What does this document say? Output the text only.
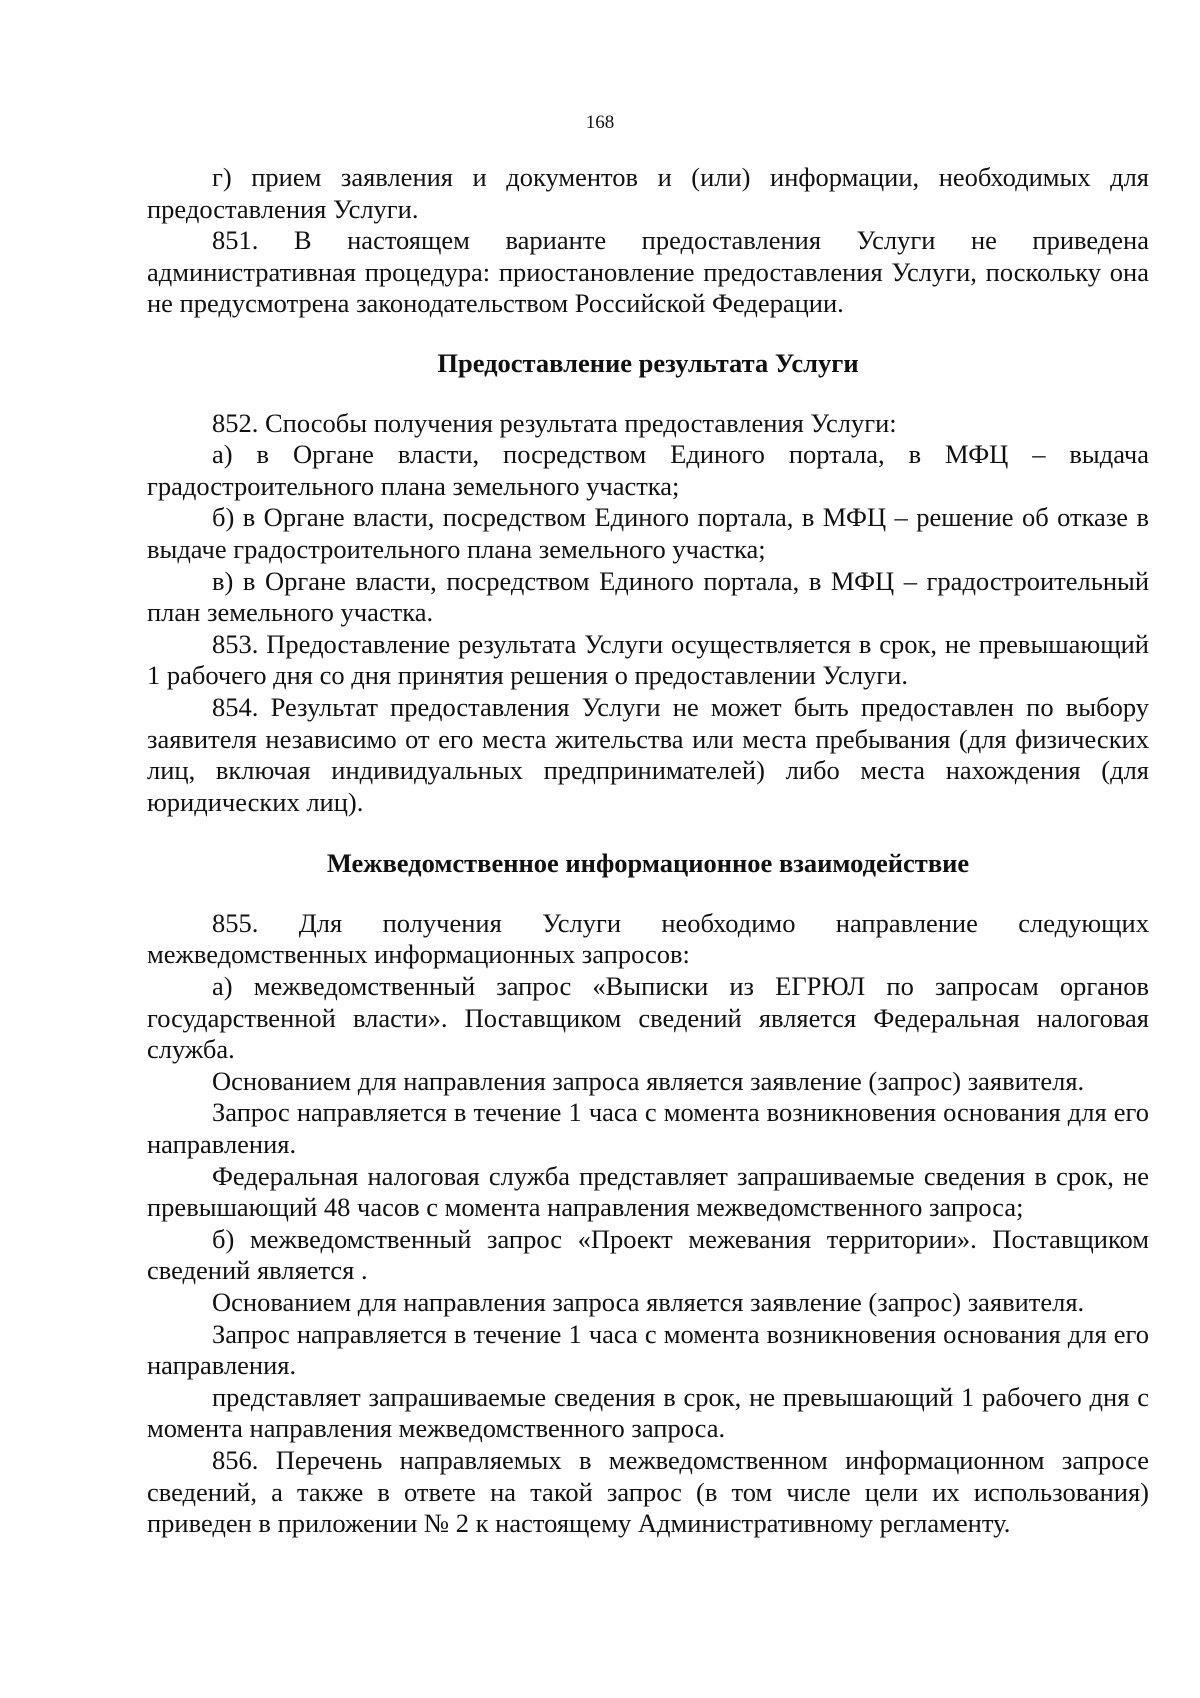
168

г) прием заявления и документов и (или) информации, необходимых для предоставления Услуги.

851. В настоящем варианте предоставления Услуги не приведена административная процедура: приостановление предоставления Услуги, поскольку она не предусмотрена законодательством Российской Федерации.

Предоставление результата Услуги

852. Способы получения результата предоставления Услуги:

а) в Органе власти, посредством Единого портала, в МФЦ – выдача градостроительного плана земельного участка;

б) в Органе власти, посредством Единого портала, в МФЦ – решение об отказе в выдаче градостроительного плана земельного участка;

в) в Органе власти, посредством Единого портала, в МФЦ – градостроительный план земельного участка.

853. Предоставление результата Услуги осуществляется в срок, не превышающий 1 рабочего дня со дня принятия решения о предоставлении Услуги.

854. Результат предоставления Услуги не может быть предоставлен по выбору заявителя независимо от его места жительства или места пребывания (для физических лиц, включая индивидуальных предпринимателей) либо места нахождения (для юридических лиц).

Межведомственное информационное взаимодействие

855. Для получения Услуги необходимо направление следующих межведомственных информационных запросов:

а) межведомственный запрос «Выписки из ЕГРЮЛ по запросам органов государственной власти». Поставщиком сведений является Федеральная налоговая служба.

Основанием для направления запроса является заявление (запрос) заявителя.

Запрос направляется в течение 1 часа с момента возникновения основания для его направления.

Федеральная налоговая служба представляет запрашиваемые сведения в срок, не превышающий 48 часов с момента направления межведомственного запроса;

б) межведомственный запрос «Проект межевания территории». Поставщиком сведений является .

Основанием для направления запроса является заявление (запрос) заявителя.

Запрос направляется в течение 1 часа с момента возникновения основания для его направления.

представляет запрашиваемые сведения в срок, не превышающий 1 рабочего дня с момента направления межведомственного запроса.

856. Перечень направляемых в межведомственном информационном запросе сведений, а также в ответе на такой запрос (в том числе цели их использования) приведен в приложении № 2 к настоящему Административному регламенту.
